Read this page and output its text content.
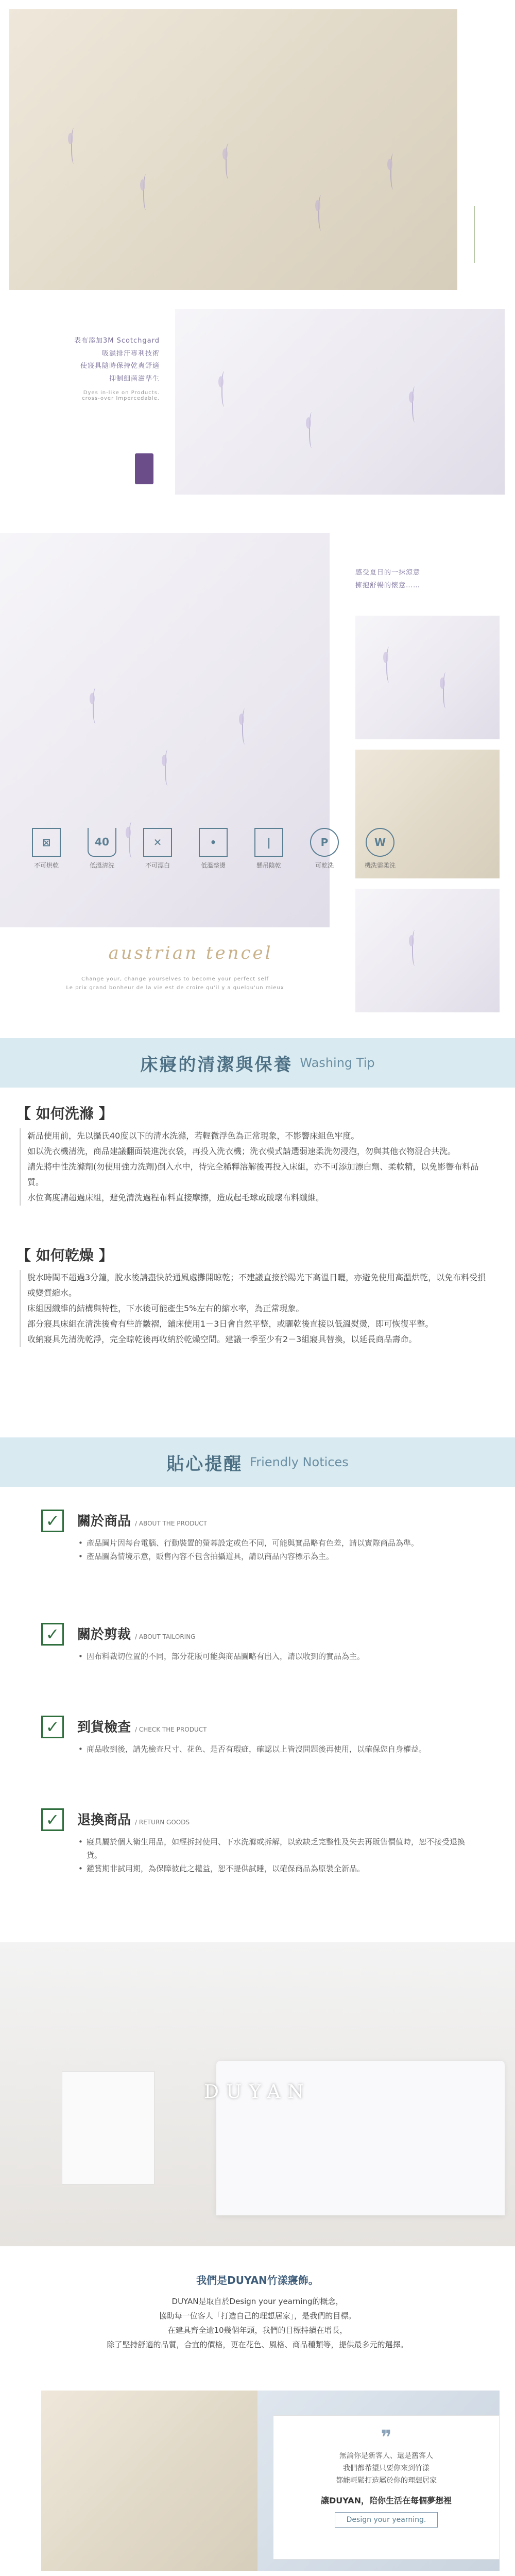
表布添加3M Scotchgard
吸濕排汗專利技術
使寢具隨時保持乾爽舒適
抑制細菌滋孳生
Dyes in-like on Products.
cross-over Impercedable.
感受夏日的一抹涼意
擁抱舒暢的懷意……
austrian tencel
Change your, change yourselves to become your perfect self
Le prix grand bonheur de la vie est de croire qu'il y a quelqu'un mieux
床寢的清潔與保養 Washing Tip
【 如何洗滌 】

新品使用前，先以攝氏40度以下的清水洗滌，若輕微浮色為正常現象，不影響床組色牢度。

如以洗衣機清洗，商品建議翻面裝進洗衣袋，再投入洗衣機；洗衣模式請選弱速柔洗勿浸泡，勿與其他衣物混合共洗。

請先將中性洗滌劑(勿使用強力洗劑)倒入水中，待完全稀釋溶解後再投入床組，亦不可添加漂白劑、柔軟精，以免影響布料品質。

水位高度請超過床組，避免清洗過程布料直接摩擦，造成起毛球或破壞布料纖維。

【 如何乾燥 】

脫水時間不超過3分鐘，脫水後請盡快於通風處攤開晾乾；不建議直接於陽光下高溫日曬，亦避免使用高溫烘乾，以免布料受損或變質縮水。

床組因纖維的結構與特性，下水後可能產生5%左右的縮水率，為正常現象。

部分寢具床組在清洗後會有些許皺褶，鋪床使用1－3日會自然平整，或曬乾後直接以低溫熨燙，即可恢復平整。

收納寢具先清洗乾淨，完全晾乾後再收納於乾燥空間。建議一季至少有2－3組寢具替換，以延長商品壽命。

⊠
不可烘乾
40
低溫清洗
✕
不可漂白
•
低溫整燙
|
懸吊陰乾
P
可乾洗
W
機洗需柔洗
貼心提醒 Friendly Notices
✓	關於商品 / ABOUT THE PRODUCT

• 產品圖片因每台電腦、行動裝置的螢幕設定或色不同，可能與實品略有色差，請以實際商品為準。

• 產品圖為情境示意，販售內容不包含拍攝道具，請以商品內容標示為主。

✓	關於剪裁 / ABOUT TAILORING

• 因布料裁切位置的不同，部分花版可能與商品圖略有出入，請以收到的實品為主。

✓	到貨檢查 / CHECK THE PRODUCT

• 商品收到後，請先檢查尺寸、花色、是否有瑕疵，確認以上皆沒問題後再使用，以確保您自身權益。

✓	退換商品 / RETURN GOODS

• 寢具屬於個人衛生用品，如經拆封使用、下水洗滌或拆解，以致缺乏完整性及失去再販售價值時，恕不接受退換貨。

• 鑑賞期非試用期，為保障彼此之權益，恕不提供試睡，以確保商品為原裝全新品。

DUYAN
我們是DUYAN竹漾寢飾。

DUYAN是取自於Design your yearning的概念，

協助每一位客人「打造自己的理想居家」，是我們的目標。

在建具齊全逾10幾個年頭，我們的目標持續在增長，

除了堅持舒適的品質，合宜的價格，更在花色、風格、商品種類等，提供最多元的選擇。

❞

無論你是新客人、還是舊客人

我們都希望只要你來到竹漾

都能輕鬆打造屬於你的理想居家

讓DUYAN，陪你生活在每個夢想裡
Design your yearning.
